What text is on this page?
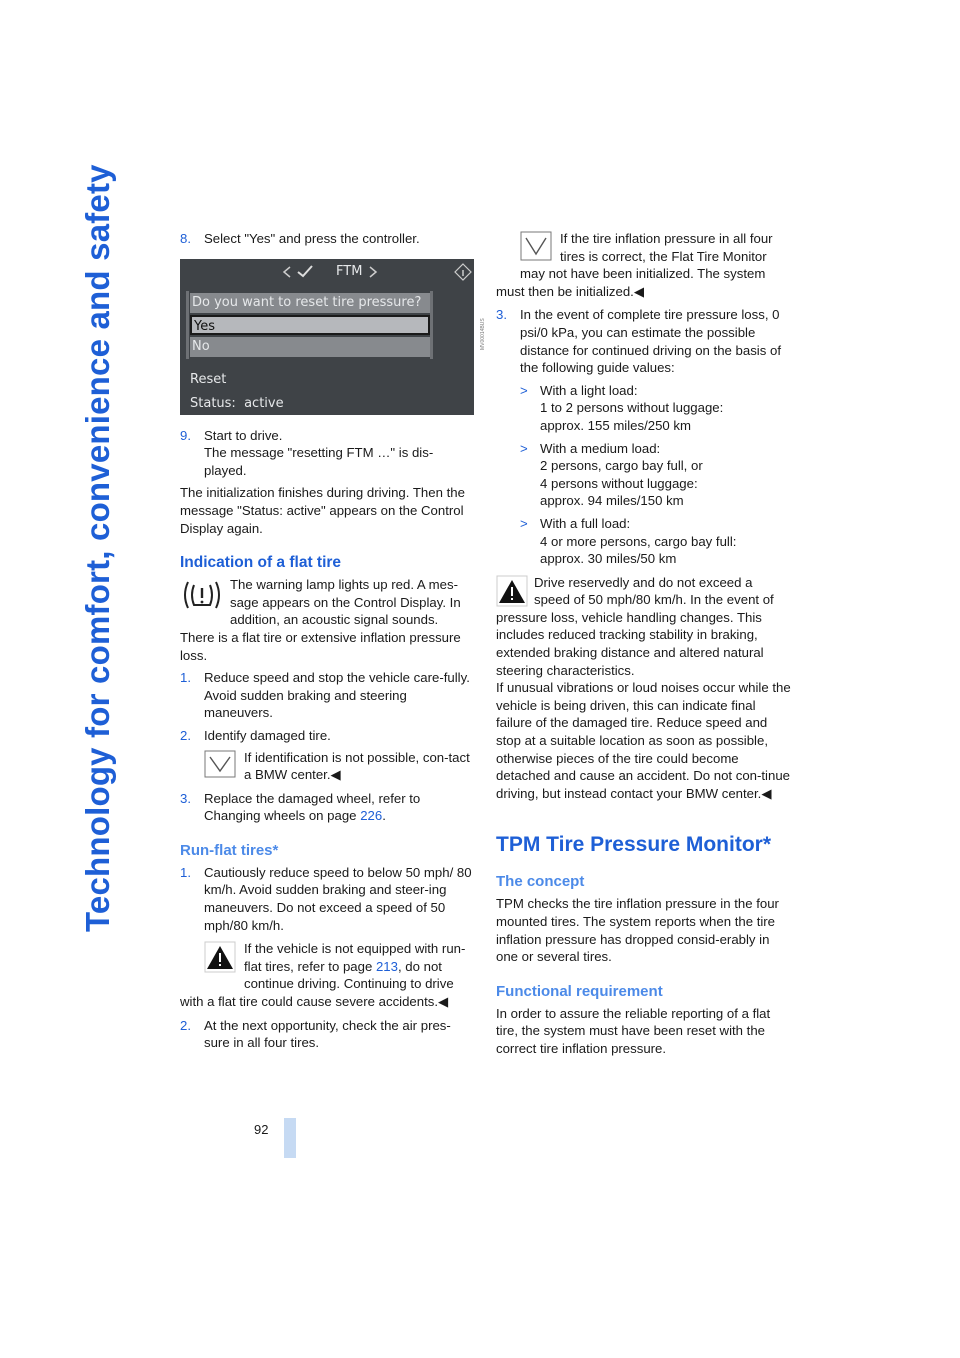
Technology for comfort, convenience and safety
92
8. Select "Yes" and press the controller.
FTM
Do you want to reset tire pressure?
Yes
No
Reset
Status: active
MV00014BUS
9. Start to drive.

The message "resetting FTM …" is dis-played.

The initialization finishes during driving. Then the message "Status: active" appears on the Control Display again.

Indication of a flat tire

The warning lamp lights up red. A mes-sage appears on the Control Display. In addition, an acoustic signal sounds.

There is a flat tire or extensive inflation pressure loss.

1. Reduce speed and stop the vehicle care-fully. Avoid sudden braking and steering maneuvers.
2. Identify damaged tire.
If identification is not possible, con-tact a BMW center.◀
3. Replace the damaged wheel, refer to Changing wheels on page 226.
Run-flat tires*
1. Cautiously reduce speed to below 50 mph/ 80 km/h. Avoid sudden braking and steer-ing maneuvers. Do not exceed a speed of 50 mph/80 km/h.
If the vehicle is not equipped with run-flat tires, refer to page 213, do not continue driving. Continuing to drive with a flat tire could cause severe accidents.◀
2. At the next opportunity, check the air pres-sure in all four tires.
If the tire inflation pressure in all four tires is correct, the Flat Tire Monitor may not have been initialized. The system must then be initialized.◀
3. In the event of complete tire pressure loss, 0 psi/0 kPa, you can estimate the possible distance for continued driving on the basis of the following guide values:
> With a light load:

1 to 2 persons without luggage:

approx. 155 miles/250 km

> With a medium load:

2 persons, cargo bay full, or

4 persons without luggage:

approx. 94 miles/150 km

> With a full load:

4 or more persons, cargo bay full:

approx. 30 miles/50 km

Drive reservedly and do not exceed a speed of 50 mph/80 km/h. In the event of pressure loss, vehicle handling changes. This includes reduced tracking stability in braking, extended braking distance and altered natural steering characteristics.

If unusual vibrations or loud noises occur while the vehicle is being driven, this can indicate final failure of the damaged tire. Reduce speed and stop at a suitable location as soon as possible, otherwise pieces of the tire could become detached and cause an accident. Do not con-tinue driving, but instead contact your BMW center.◀

TPM Tire Pressure Monitor*
The concept

TPM checks the tire inflation pressure in the four mounted tires. The system reports when the tire inflation pressure has dropped consid-erably in one or several tires.

Functional requirement

In order to assure the reliable reporting of a flat tire, the system must have been reset with the correct tire inflation pressure.
